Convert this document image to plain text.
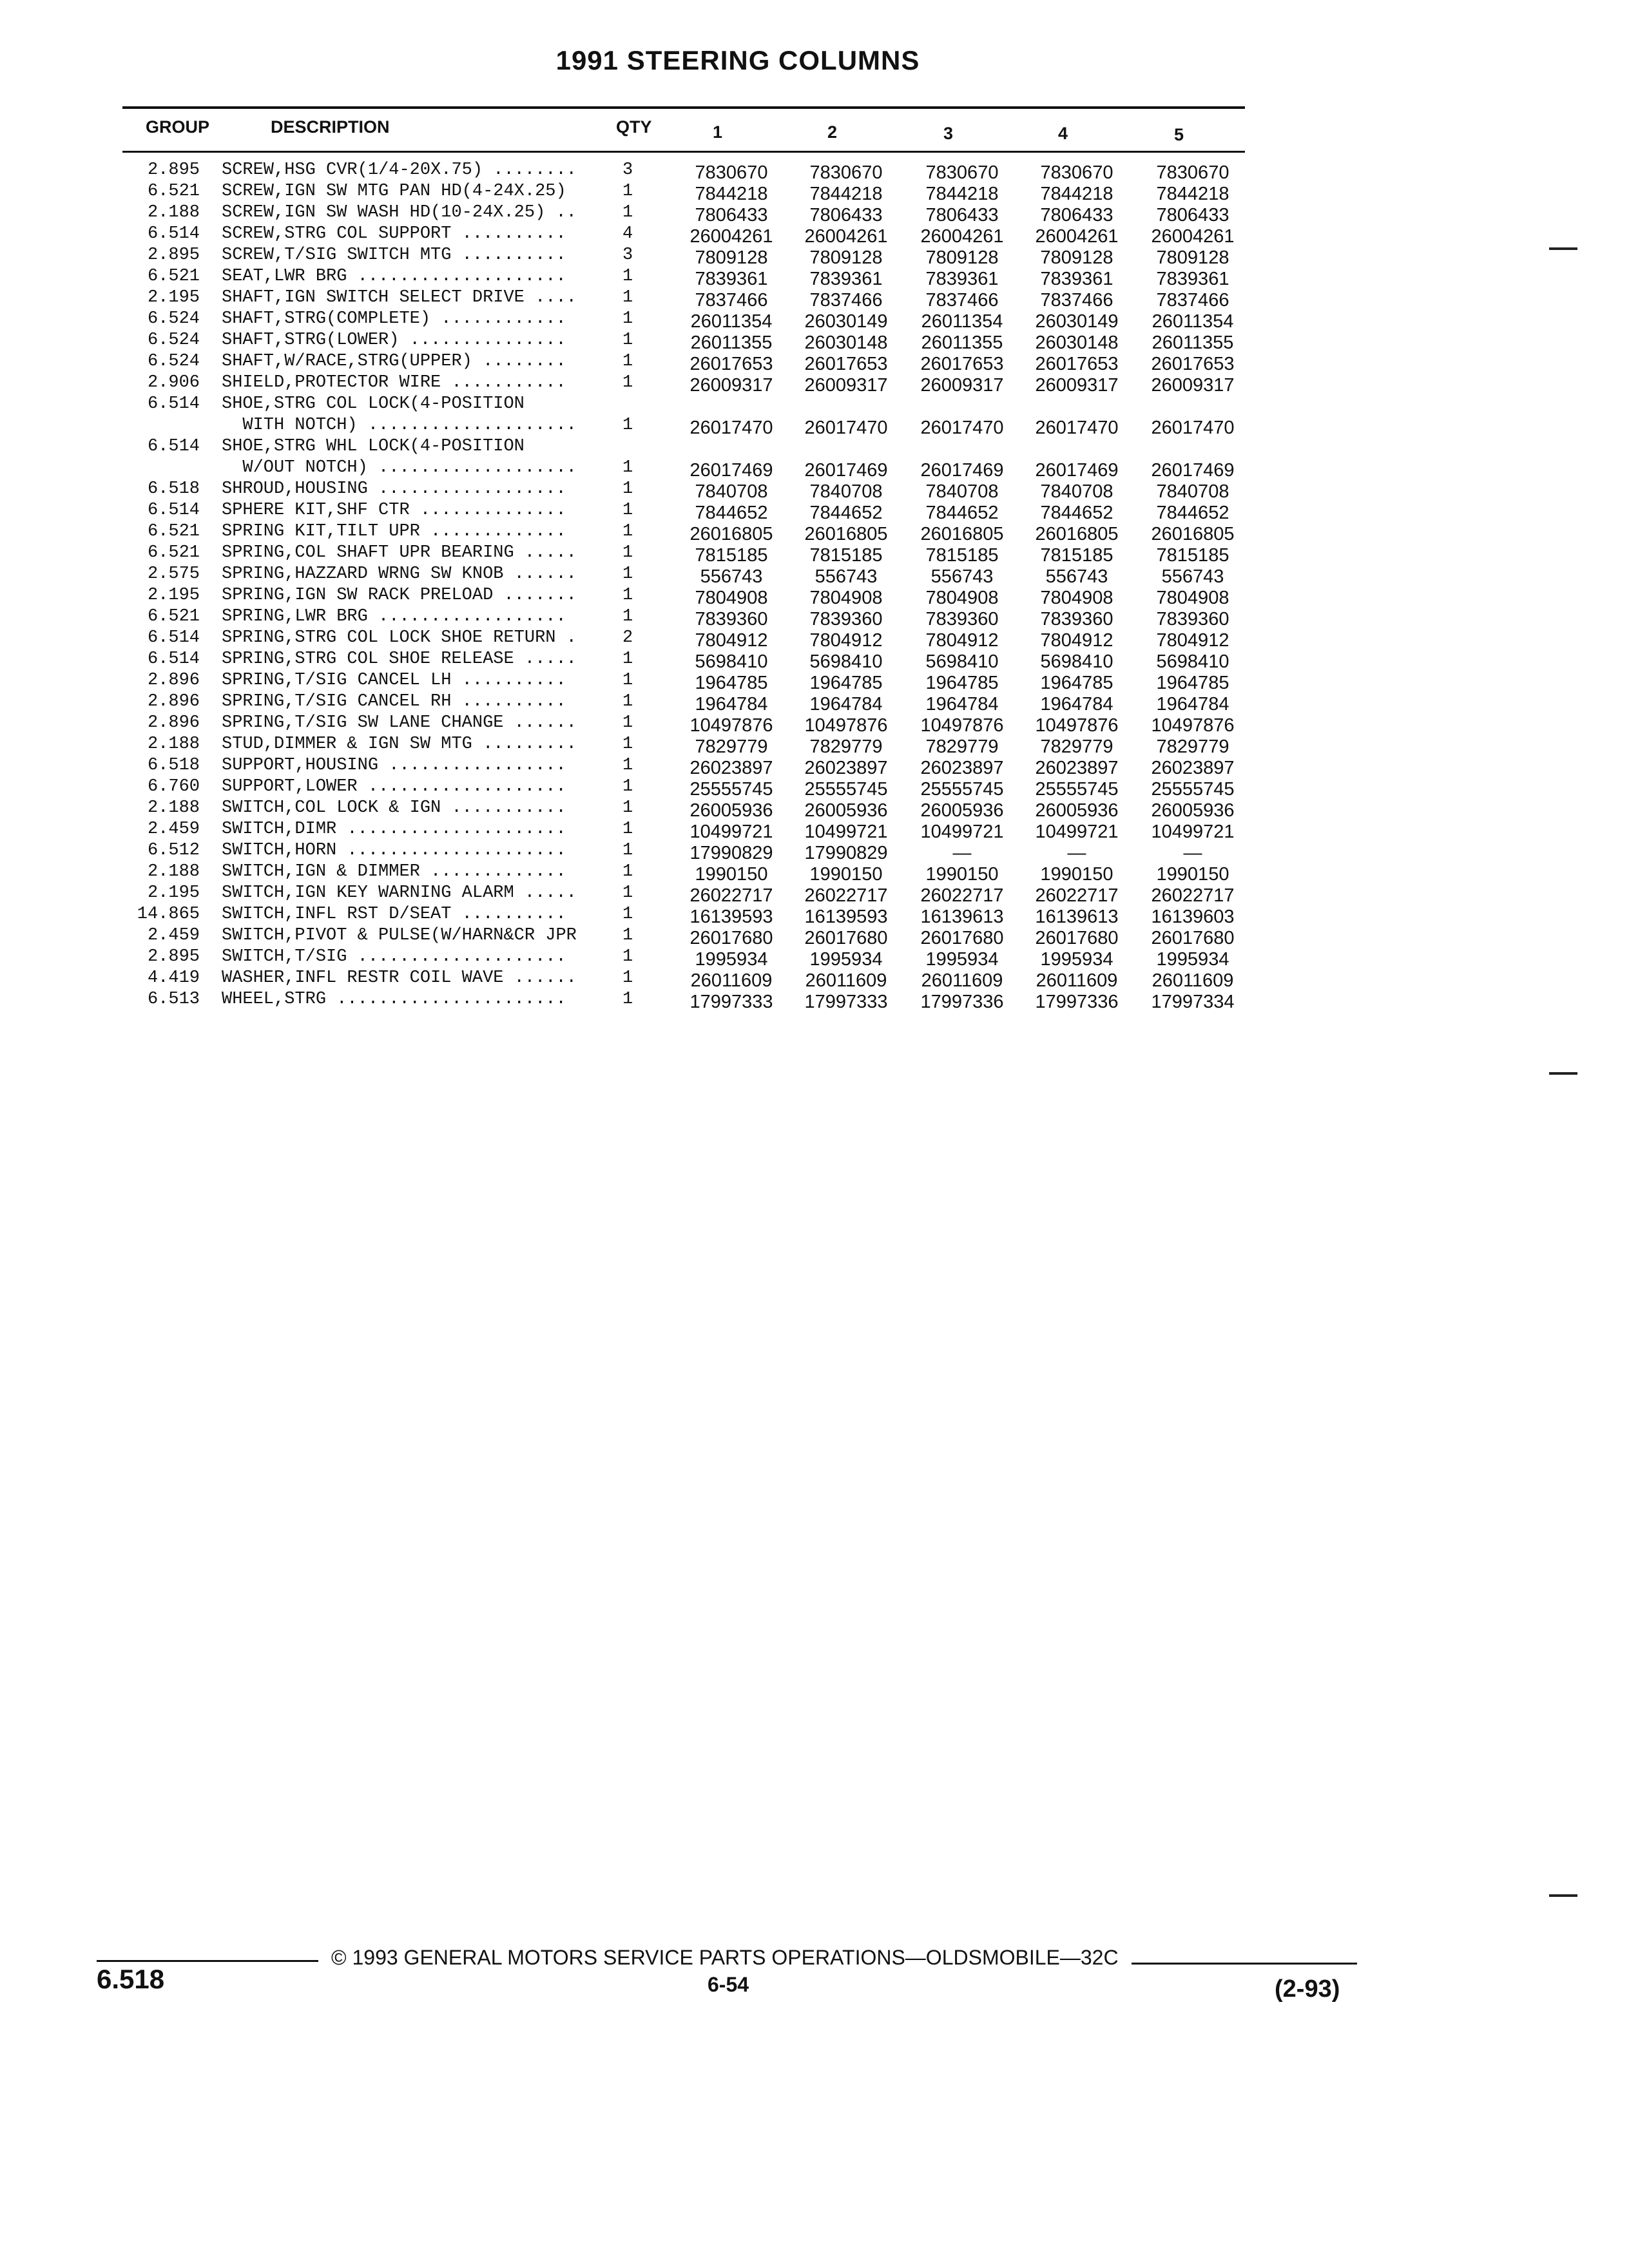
1991 STEERING COLUMNS
GROUP	DESCRIPTION	QTY	1	2	3	4	5
2.895 SCREW,HSG CVR(1/4-20X.75) ........	3	7830670	7830670	7830670	7830670	7830670
6.521 SCREW,IGN SW MTG PAN HD(4-24X.25)	1	7844218	7844218	7844218	7844218	7844218
2.188 SCREW,IGN SW WASH HD(10-24X.25) ..	1	7806433	7806433	7806433	7806433	7806433
6.514 SCREW,STRG COL SUPPORT ..........	4	26004261	26004261	26004261	26004261	26004261
2.895 SCREW,T/SIG SWITCH MTG ..........	3	7809128	7809128	7809128	7809128	7809128
6.521 SEAT,LWR BRG ....................	1	7839361	7839361	7839361	7839361	7839361
2.195 SHAFT,IGN SWITCH SELECT DRIVE ....	1	7837466	7837466	7837466	7837466	7837466
6.524 SHAFT,STRG(COMPLETE) ............	1	26011354	26030149	26011354	26030149	26011354
6.524 SHAFT,STRG(LOWER) ...............	1	26011355	26030148	26011355	26030148	26011355
6.524 SHAFT,W/RACE,STRG(UPPER) ........	1	26017653	26017653	26017653	26017653	26017653
2.906 SHIELD,PROTECTOR WIRE ...........	1	26009317	26009317	26009317	26009317	26009317
6.514 SHOE,STRG COL LOCK(4-POSITION
WITH NOTCH) ....................	1	26017470	26017470	26017470	26017470	26017470
6.514 SHOE,STRG WHL LOCK(4-POSITION
W/OUT NOTCH) ...................	1	26017469	26017469	26017469	26017469	26017469
6.518 SHROUD,HOUSING ..................	1	7840708	7840708	7840708	7840708	7840708
6.514 SPHERE KIT,SHF CTR ..............	1	7844652	7844652	7844652	7844652	7844652
6.521 SPRING KIT,TILT UPR .............	1	26016805	26016805	26016805	26016805	26016805
6.521 SPRING,COL SHAFT UPR BEARING .....	1	7815185	7815185	7815185	7815185	7815185
2.575 SPRING,HAZZARD WRNG SW KNOB ......	1	556743	556743	556743	556743	556743
2.195 SPRING,IGN SW RACK PRELOAD .......	1	7804908	7804908	7804908	7804908	7804908
6.521 SPRING,LWR BRG ..................	1	7839360	7839360	7839360	7839360	7839360
6.514 SPRING,STRG COL LOCK SHOE RETURN .	2	7804912	7804912	7804912	7804912	7804912
6.514 SPRING,STRG COL SHOE RELEASE .....	1	5698410	5698410	5698410	5698410	5698410
2.896 SPRING,T/SIG CANCEL LH ..........	1	1964785	1964785	1964785	1964785	1964785
2.896 SPRING,T/SIG CANCEL RH ..........	1	1964784	1964784	1964784	1964784	1964784
2.896 SPRING,T/SIG SW LANE CHANGE ......	1	10497876	10497876	10497876	10497876	10497876
2.188 STUD,DIMMER & IGN SW MTG .........	1	7829779	7829779	7829779	7829779	7829779
6.518 SUPPORT,HOUSING .................	1	26023897	26023897	26023897	26023897	26023897
6.760 SUPPORT,LOWER ...................	1	25555745	25555745	25555745	25555745	25555745
2.188 SWITCH,COL LOCK & IGN ...........	1	26005936	26005936	26005936	26005936	26005936
2.459 SWITCH,DIMR .....................	1	10499721	10499721	10499721	10499721	10499721
6.512 SWITCH,HORN .....................	1	17990829	17990829	—	—	—
2.188 SWITCH,IGN & DIMMER .............	1	1990150	1990150	1990150	1990150	1990150
2.195 SWITCH,IGN KEY WARNING ALARM .....	1	26022717	26022717	26022717	26022717	26022717
14.865 SWITCH,INFL RST D/SEAT ..........	1	16139593	16139593	16139613	16139613	16139603
2.459 SWITCH,PIVOT & PULSE(W/HARN&CR JPR	1	26017680	26017680	26017680	26017680	26017680
2.895 SWITCH,T/SIG ....................	1	1995934	1995934	1995934	1995934	1995934
4.419 WASHER,INFL RESTR COIL WAVE ......	1	26011609	26011609	26011609	26011609	26011609
6.513 WHEEL,STRG ......................	1	17997333	17997333	17997336	17997336	17997334
© 1993 GENERAL MOTORS SERVICE PARTS OPERATIONS—OLDSMOBILE—32C
6.518	6-54	(2-93)
